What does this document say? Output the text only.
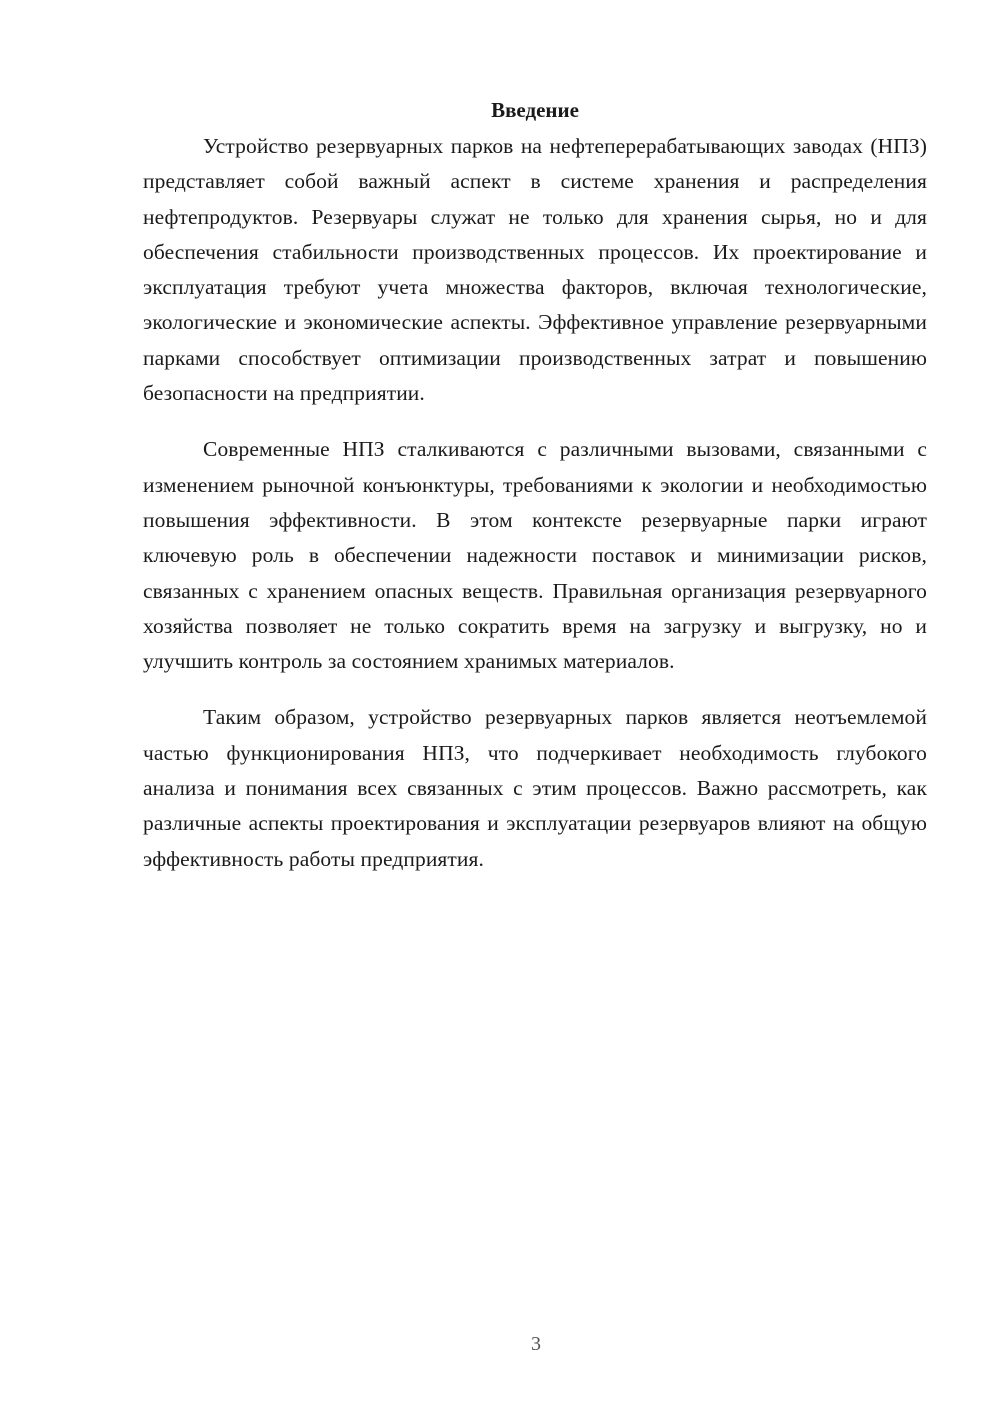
Введение

Устройство резервуарных парков на нефтеперерабатывающих заводах (НПЗ) представляет собой важный аспект в системе хранения и распределения нефтепродуктов. Резервуары служат не только для хранения сырья, но и для обеспечения стабильности производственных процессов. Их проектирование и эксплуатация требуют учета множества факторов, включая технологические, экологические и экономические аспекты. Эффективное управление резервуарными парками способствует оптимизации производственных затрат и повышению безопасности на предприятии.

Современные НПЗ сталкиваются с различными вызовами, связанными с изменением рыночной конъюнктуры, требованиями к экологии и необходимостью повышения эффективности. В этом контексте резервуарные парки играют ключевую роль в обеспечении надежности поставок и минимизации рисков, связанных с хранением опасных веществ. Правильная организация резервуарного хозяйства позволяет не только сократить время на загрузку и выгрузку, но и улучшить контроль за состоянием хранимых материалов.

Таким образом, устройство резервуарных парков является неотъемлемой частью функционирования НПЗ, что подчеркивает необходимость глубокого анализа и понимания всех связанных с этим процессов. Важно рассмотреть, как различные аспекты проектирования и эксплуатации резервуаров влияют на общую эффективность работы предприятия.

3
